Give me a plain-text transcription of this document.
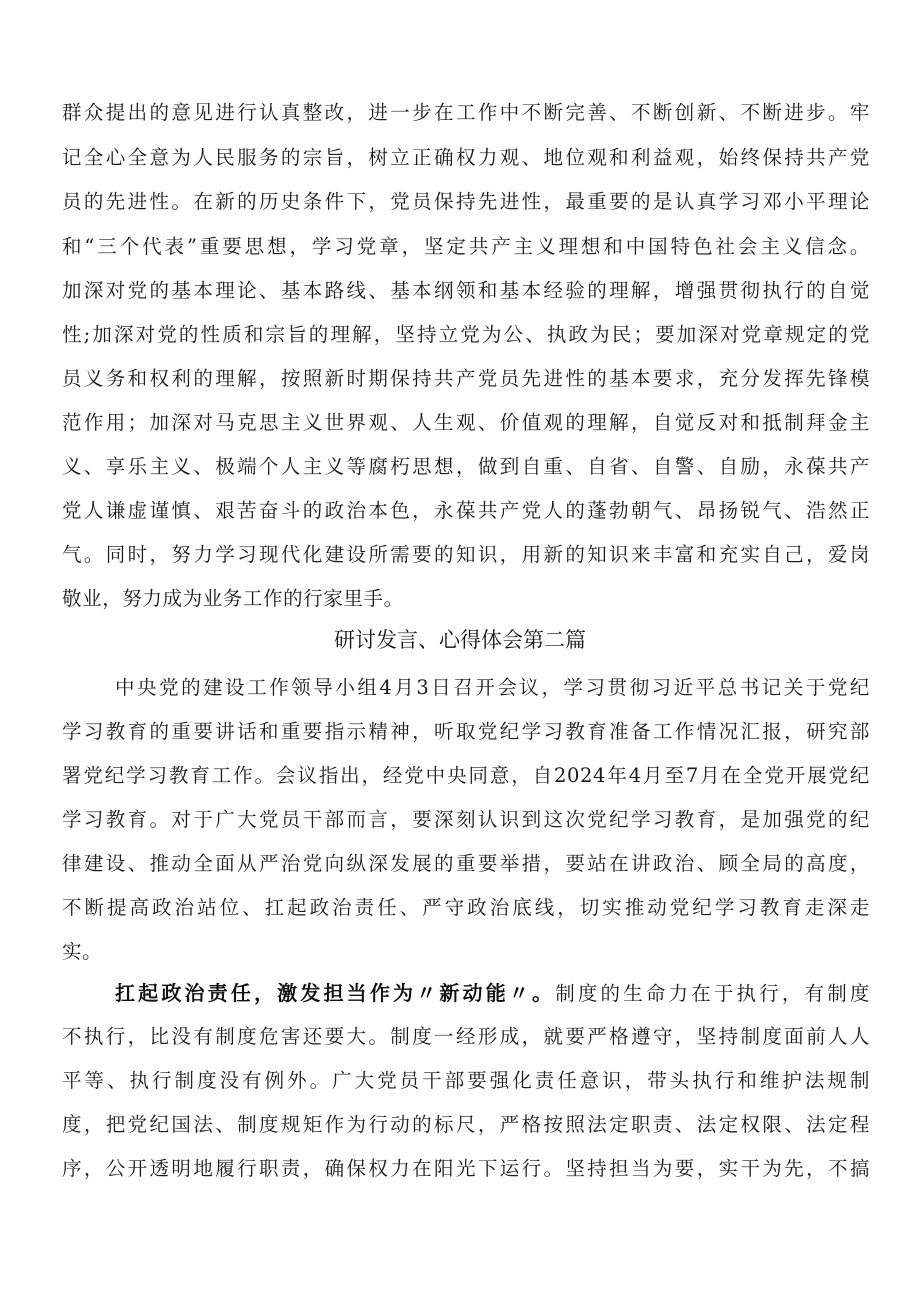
群众提出的意见进行认真整改，进一步在工作中不断完善、不断创新、不断进步。牢
记全心全意为人民服务的宗旨，树立正确权力观、地位观和利益观，始终保持共产党
员的先进性。在新的历史条件下，党员保持先进性，最重要的是认真学习邓小平理论
和“三个代表”重要思想，学习党章，坚定共产主义理想和中国特色社会主义信念。
加深对党的基本理论、基本路线、基本纲领和基本经验的理解，增强贯彻执行的自觉
性;加深对党的性质和宗旨的理解，坚持立党为公、执政为民；要加深对党章规定的党
员义务和权利的理解，按照新时期保持共产党员先进性的基本要求，充分发挥先锋模
范作用；加深对马克思主义世界观、人生观、价值观的理解，自觉反对和抵制拜金主
义、享乐主义、极端个人主义等腐朽思想，做到自重、自省、自警、自励，永葆共产
党人谦虚谨慎、艰苦奋斗的政治本色，永葆共产党人的蓬勃朝气、昂扬锐气、浩然正
气。同时，努力学习现代化建设所需要的知识，用新的知识来丰富和充实自己，爱岗
敬业，努力成为业务工作的行家里手。
研讨发言、心得体会第二篇
中央党的建设工作领导小组4月3日召开会议，学习贯彻习近平总书记关于党纪
学习教育的重要讲话和重要指示精神，听取党纪学习教育准备工作情况汇报，研究部
署党纪学习教育工作。会议指出，经党中央同意，自2024年4月至7月在全党开展党纪
学习教育。对于广大党员干部而言，要深刻认识到这次党纪学习教育，是加强党的纪
律建设、推动全面从严治党向纵深发展的重要举措，要站在讲政治、顾全局的高度，
不断提高政治站位、扛起政治责任、严守政治底线，切实推动党纪学习教育走深走
实。
扛起政治责任，激发担当作为〃新动能〃。制度的生命力在于执行，有制度
不执行，比没有制度危害还要大。制度一经形成，就要严格遵守，坚持制度面前人人
平等、执行制度没有例外。广大党员干部要强化责任意识，带头执行和维护法规制
度，把党纪国法、制度规矩作为行动的标尺，严格按照法定职责、法定权限、法定程
序，公开透明地履行职责，确保权力在阳光下运行。坚持担当为要，实干为先，不搞
